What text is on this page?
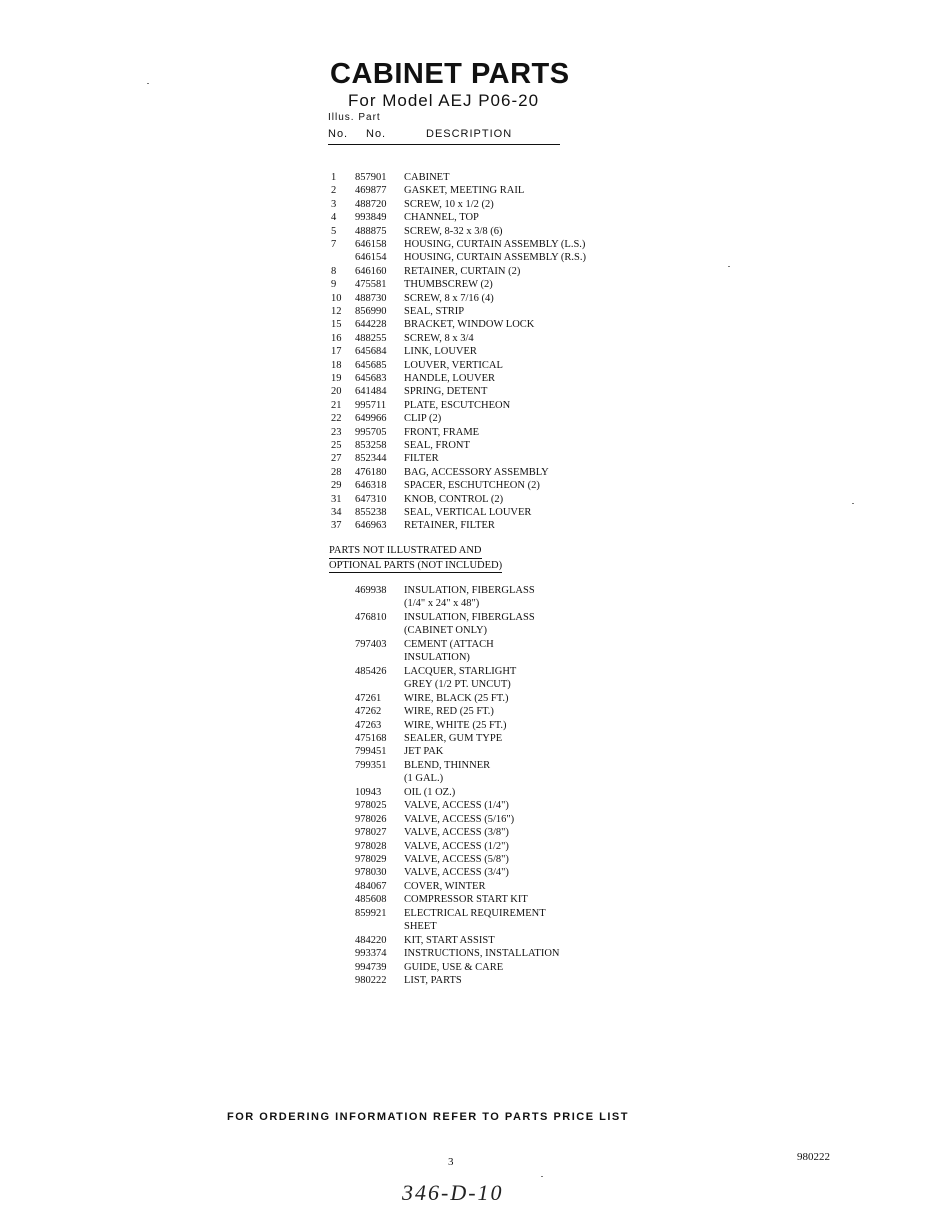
CABINET PARTS
For Model AEJ P06-20
Illus. Part
No. No.	DESCRIPTION
1 857901 CABINET
2 469877 GASKET, MEETING RAIL
3 488720 SCREW, 10 x 1/2 (2)
4 993849 CHANNEL, TOP
5 488875 SCREW, 8-32 x 3/8 (6)
7 646158 HOUSING, CURTAIN ASSEMBLY (L.S.)
646154 HOUSING, CURTAIN ASSEMBLY (R.S.)
8 646160 RETAINER, CURTAIN (2)
9 475581 THUMBSCREW (2)
10 488730 SCREW, 8 x 7/16 (4)
12 856990 SEAL, STRIP
15 644228 BRACKET, WINDOW LOCK
16 488255 SCREW, 8 x 3/4
17 645684 LINK, LOUVER
18 645685 LOUVER, VERTICAL
19 645683 HANDLE, LOUVER
20 641484 SPRING, DETENT
21 995711 PLATE, ESCUTCHEON
22 649966 CLIP (2)
23 995705 FRONT, FRAME
25 853258 SEAL, FRONT
27 852344 FILTER
28 476180 BAG, ACCESSORY ASSEMBLY
29 646318 SPACER, ESCHUTCHEON (2)
31 647310 KNOB, CONTROL (2)
34 855238 SEAL, VERTICAL LOUVER
37 646963 RETAINER, FILTER
PARTS NOT ILLUSTRATED AND
OPTIONAL PARTS (NOT INCLUDED)
469938 INSULATION, FIBERGLASS
(1/4" x 24" x 48")
476810 INSULATION, FIBERGLASS
(CABINET ONLY)
797403 CEMENT (ATTACH
INSULATION)
485426 LACQUER, STARLIGHT
GREY (1/2 PT. UNCUT)
47261 WIRE, BLACK (25 FT.)
47262 WIRE, RED (25 FT.)
47263 WIRE, WHITE (25 FT.)
475168 SEALER, GUM TYPE
799451 JET PAK
799351 BLEND, THINNER
(1 GAL.)
10943 OIL (1 OZ.)
978025 VALVE, ACCESS (1/4")
978026 VALVE, ACCESS (5/16")
978027 VALVE, ACCESS (3/8")
978028 VALVE, ACCESS (1/2")
978029 VALVE, ACCESS (5/8")
978030 VALVE, ACCESS (3/4")
484067 COVER, WINTER
485608 COMPRESSOR START KIT
859921 ELECTRICAL REQUIREMENT
SHEET
484220 KIT, START ASSIST
993374 INSTRUCTIONS, INSTALLATION
994739 GUIDE, USE & CARE
980222 LIST, PARTS
FOR ORDERING INFORMATION REFER TO PARTS PRICE LIST
3	980222
346-D-10
